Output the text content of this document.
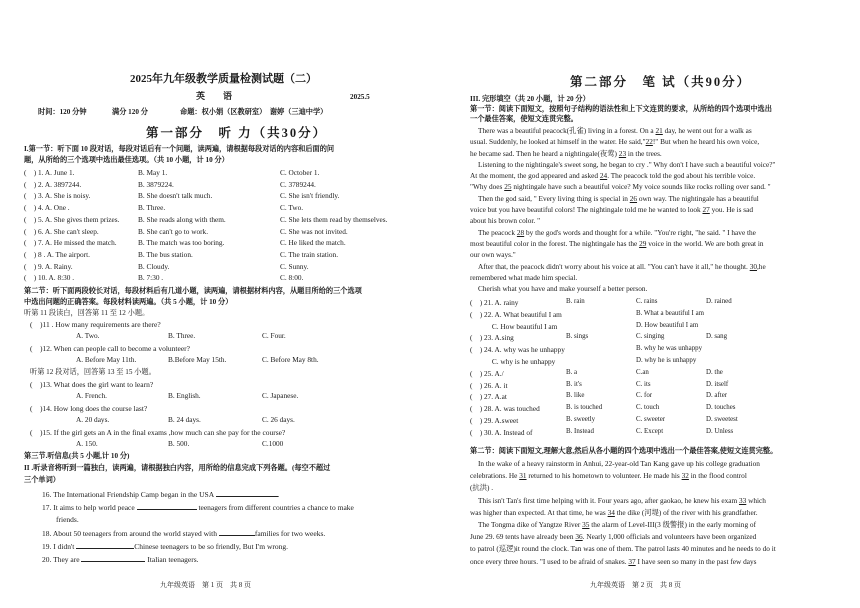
2025年九年级教学质量检测试题（二）
英　　语	2025.5
时间：120 分钟	满分 120 分	命题：权小娟（区教研室）　谢婷（三迪中学）
第一部分　听 力（共30分）
I.第一节：听下面 10 段对话，每段对话后有一个问题，读两遍，请根据每段对话的内容和后面的问
题，从所给的三个选项中选出最佳选项。（共 10 小题，计 10 分）
(　) 1. A. June 1.	B. May 1.	C. October 1.
(　) 2. A. 3897244.	B. 3879224.	C. 3789244.
(　) 3. A. She is noisy.	B. She doesn't talk much.	C. She isn't friendly.
(　) 4. A. One .	B. Three.	C. Two.
(　) 5. A. She gives them prizes.	B. She reads along with them.	C. She lets them read by themselves.
(　) 6. A. She can't sleep.	B. She can't go to work.	C. She was not invited.
(　) 7. A. He missed the match.	B. The match was too boring.	C. He liked the match.
(　) 8 . A. The airport.	B. The bus station.	C. The train station.
(　) 9. A. Rainy.	B. Cloudy.	C. Sunny.
(　) 10. A. 8:30 .	B. 7:30 .	C. 8:00.
第二节：听下面两段较长对话，每段材料后有几道小题，读两遍，请根据材料内容，从题目所给的三个选项
中选出问题的正确答案。每段材料读两遍。（共 5 小题，计 10 分）
听第 11 段读白，回答第 11 至 12 小题。
(　)11 . How many requirements are there?
A. Two.	B. Three.	C. Four.
(　)12. When can people call to become a volunteer?
A. Before May 11th.	B.Before May 15th.	C. Before May 8th.
听第 12 段对话，回答第 13 至 15 小题。
(　)13. What does the girl want to learn?
A. French.	B. English.	C. Japanese.
(　)14. How long does the course last?
A. 20 days.	B. 24 days.	C. 26 days.
(　)15. If the girl gets an A in the final exams ,how much can she pay for the course?
A. 150.	B. 500.	C.1000
第三节.听信息(共 5 小题,计 10 分)
II .听录音将听到一篇独白，读两遍，请根据独白内容，用所给的信息完成下列各题。(每空不超过
三个单词）
16. The International Friendship Camp began in the USA	.
17. It aims to help world peace	teenagers from different countries a chance to make
friends.
18. About 50 teenagers from around the world stayed with	families for two weeks.
19. I didn't	Chinese teenagers to be so friendly, But I'm wrong.
20. They are	Italian teenagers.
九年级英语　第 1 页　共 8 页
第二部分　笔 试（共90分）
III. 完形填空（共 20 小题，计 20 分）
第一节：阅读下面短文，按照句子结构的语法性和上下文连贯的要求，从所给的四个选项中选出
一个最佳答案，使短文连贯完整。
There was a beautiful peacock(孔雀) living in a forest. On a 21 day, he went out for a walk as
usual. Suddenly, he looked at himself in the water. He said,"22!" But when he heard his own voice,
he became sad. Then he heard a nightingale(夜莺) 23 in the trees.
Listening to the nightingale's sweet song, he began to cry ." Why don't I have such a beautiful voice?"
At the moment, the god appeared and asked 24. The peacock told the god about his terrible voice.
"Why does 25 nightingale have such a beautiful voice? My voice sounds like rocks rolling over sand. "
Then the god said, " Every living thing is special in 26 own way. The nightingale has a beautiful
voice but you have beautiful colors! The nightingale told me he wanted to look 27 you. He is sad
about his brown color. "
The peacock 28 by the god's words and thought for a while. "You're right, "he said. " I have the
most beautiful color in the forest. The nightingale has the 29 voice in the world. We are both great in
our own ways."
After that, the peacock didn't worry about his voice at all. "You can't have it all," he thought. 30,he
remembered what made him special.
Cherish what you have and make yourself a better person.
(　) 21. A. rainy	B. rain	C. rains	D. rained
(　) 22. A. What beautiful I am	B. What a beautiful I am
　　　C. How beautiful I am	D. How beautiful I am
(　) 23. A.sing	B. sings	C. singing	D. sang
(　) 24. A. why was he unhappy	B. why he was unhappy
　　　C. why is he unhappy	D. why he is unhappy
(　) 25. A./	B. a	C.an	D. the
(　) 26. A. it	B. it's	C. its	D. itself
(　) 27. A.at	B. like	C. for	D. after
(　) 28. A. was touched	B. is touched	C. touch	D. touches
(　) 29. A.sweet	B. sweetly	C. sweeter	D. sweetest
(　) 30. A. Instead of	B. Instead	C. Except	D. Unless
第二节：阅读下面短文,理解大意,然后从各小题的四个选项中选出一个最佳答案,使短文连贯完整。
In the wake of a heavy rainstorm in Anhui, 22-year-old Tan Kang gave up his college graduation
celebrations. He 31 returned to his hometown to volunteer. He made his 32 in the flood control
(抗洪) .
This isn't Tan's first time helping with it. Four years ago, after gaokao, he knew his exam 33 which
was higher than expected. At that time, he was 34 the dike (河堤) of the river with his grandfather.
The Tongma dike of Yangtze River 35 the alarm of Level-III(3 级警报) in the early morning of
June 29. 69 tents have already been 36. Nearly 1,000 officials and volunteers have been organized
to patrol (巡逻)it round the clock. Tan was one of them. The patrol lasts 40 minutes and he needs to do it
once every three hours. "I used to be afraid of snakes. 37 I have seen so many in the past few days
九年级英语　第 2 页　共 8 页
